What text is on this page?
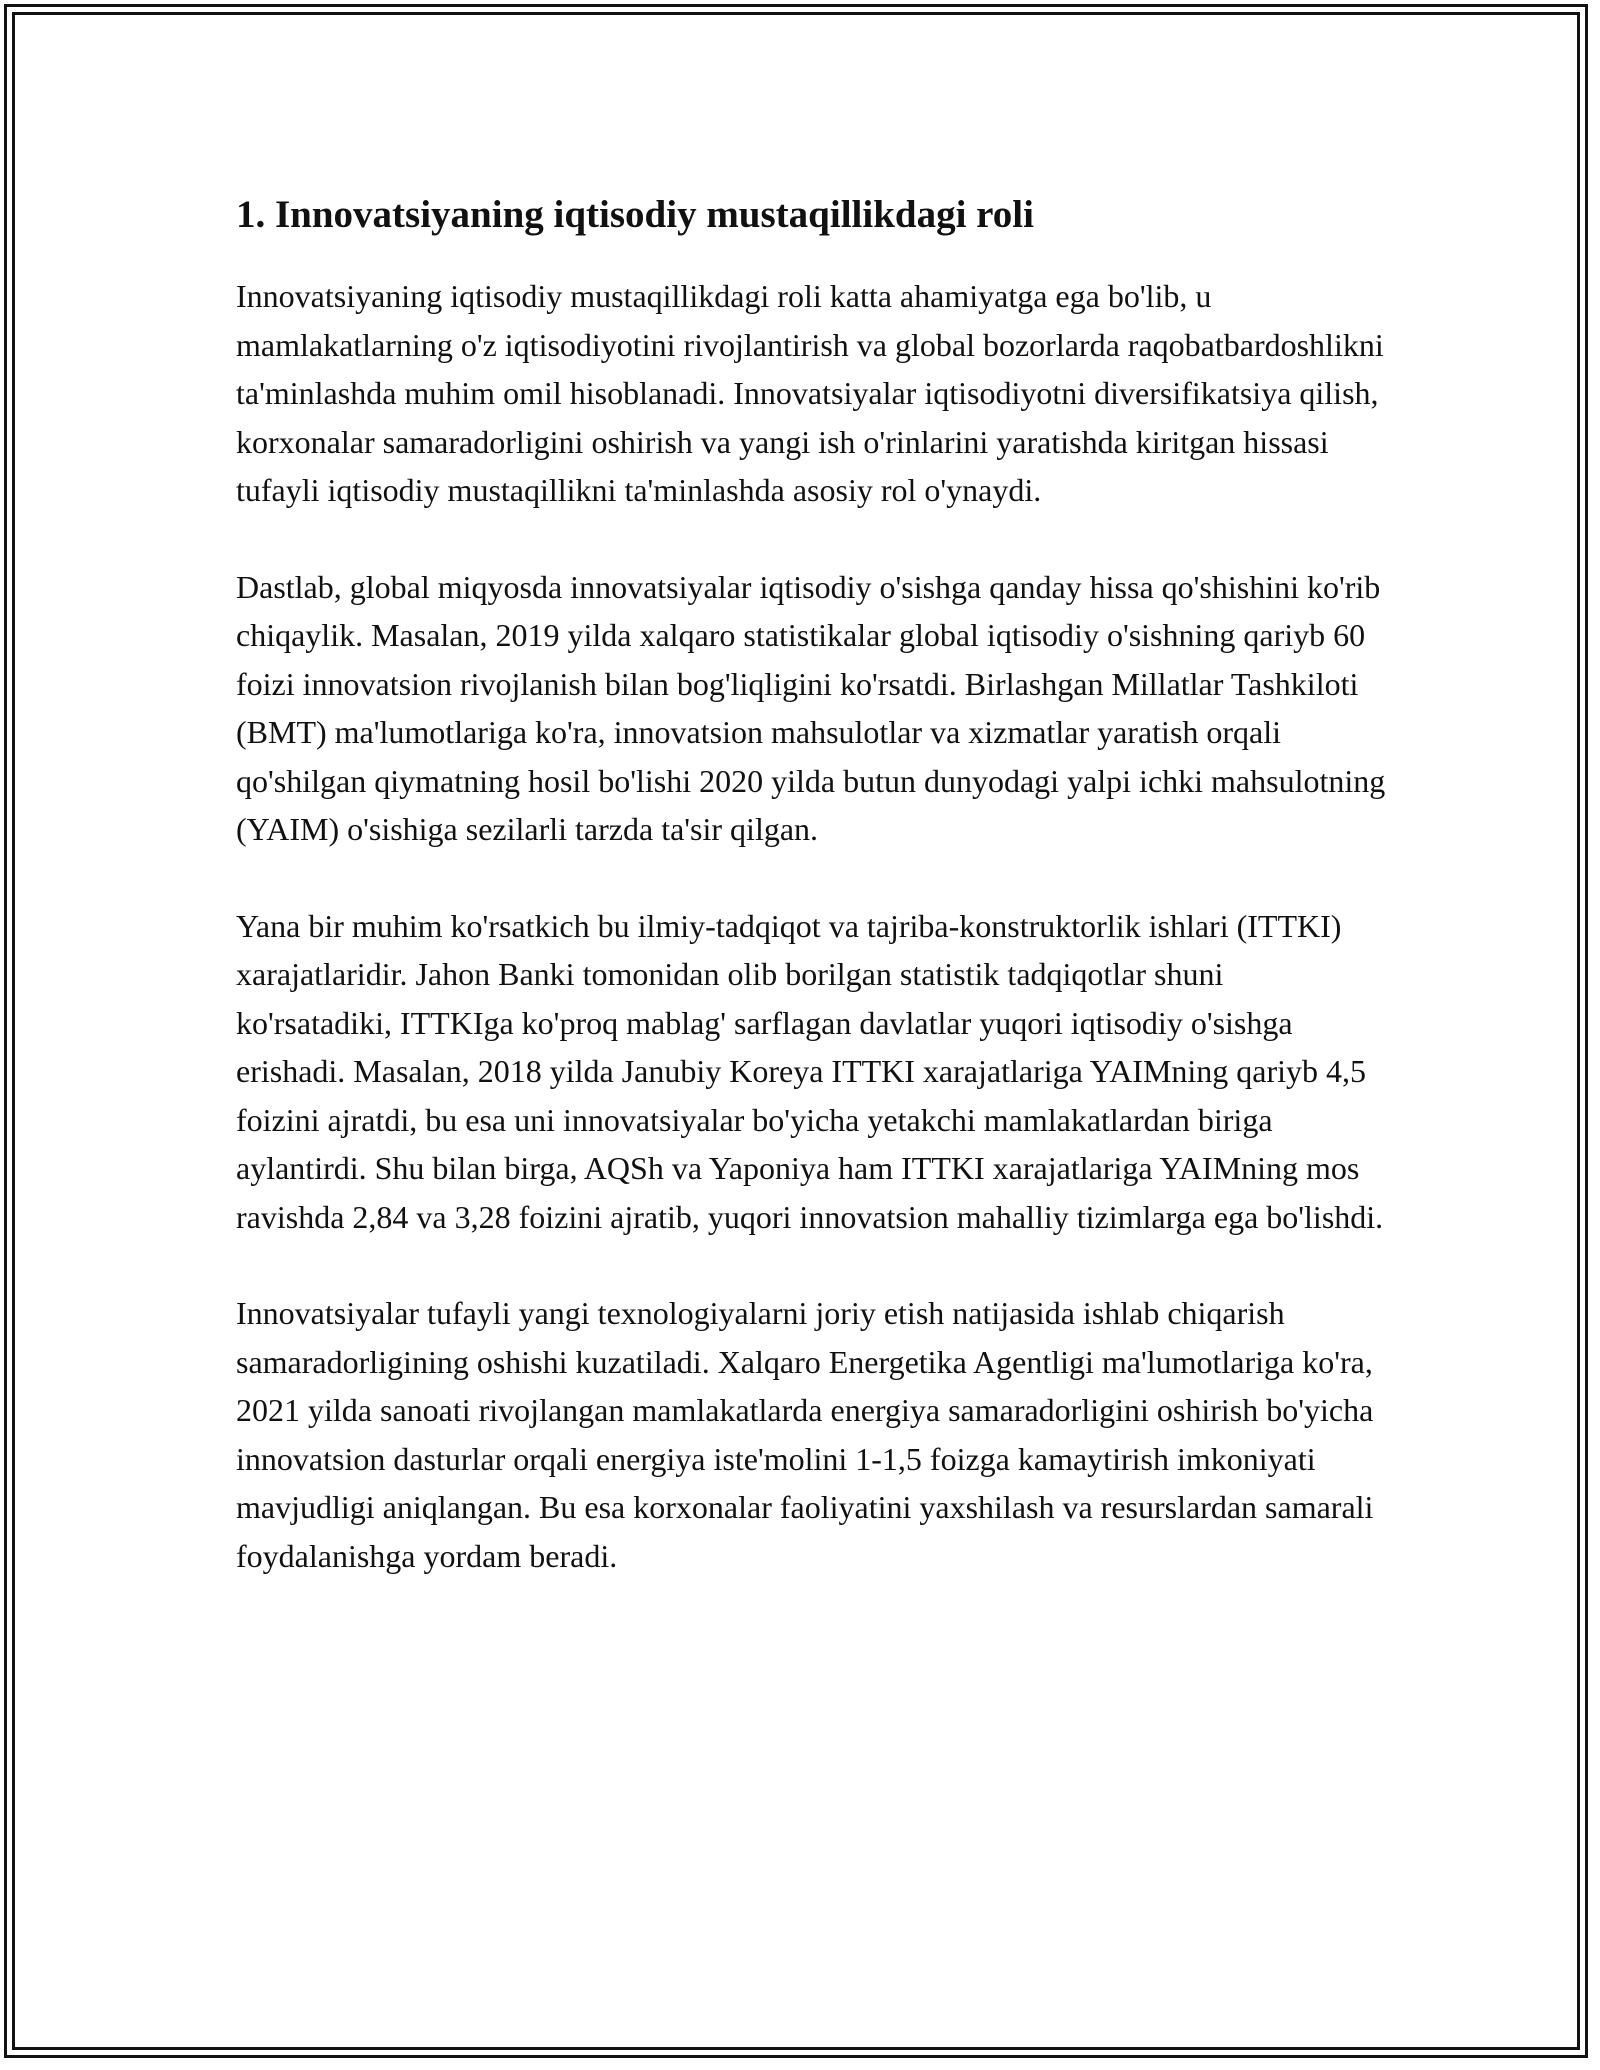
1. Innovatsiyaning iqtisodiy mustaqillikdagi roli

Innovatsiyaning iqtisodiy mustaqillikdagi roli katta ahamiyatga ega bo'lib, u mamlakatlarning o'z iqtisodiyotini rivojlantirish va global bozorlarda raqobatbardoshlikni ta'minlashda muhim omil hisoblanadi. Innovatsiyalar iqtisodiyotni diversifikatsiya qilish, korxonalar samaradorligini oshirish va yangi ish o'rinlarini yaratishda kiritgan hissasi tufayli iqtisodiy mustaqillikni ta'minlashda asosiy rol o'ynaydi.

Dastlab, global miqyosda innovatsiyalar iqtisodiy o'sishga qanday hissa qo'shishini ko'rib chiqaylik. Masalan, 2019 yilda xalqaro statistikalar global iqtisodiy o'sishning qariyb 60 foizi innovatsion rivojlanish bilan bog'liqligini ko'rsatdi. Birlashgan Millatlar Tashkiloti (BMT) ma'lumotlariga ko'ra, innovatsion mahsulotlar va xizmatlar yaratish orqali qo'shilgan qiymatning hosil bo'lishi 2020 yilda butun dunyodagi yalpi ichki mahsulotning (YAIM) o'sishiga sezilarli tarzda ta'sir qilgan.

Yana bir muhim ko'rsatkich bu ilmiy-tadqiqot va tajriba-konstruktorlik ishlari (ITTKI) xarajatlaridir. Jahon Banki tomonidan olib borilgan statistik tadqiqotlar shuni ko'rsatadiki, ITTKIga ko'proq mablag' sarflagan davlatlar yuqori iqtisodiy o'sishga erishadi. Masalan, 2018 yilda Janubiy Koreya ITTKI xarajatlariga YAIMning qariyb 4,5 foizini ajratdi, bu esa uni innovatsiyalar bo'yicha yetakchi mamlakatlardan biriga aylantirdi. Shu bilan birga, AQSh va Yaponiya ham ITTKI xarajatlariga YAIMning mos ravishda 2,84 va 3,28 foizini ajratib, yuqori innovatsion mahalliy tizimlarga ega bo'lishdi.

Innovatsiyalar tufayli yangi texnologiyalarni joriy etish natijasida ishlab chiqarish samaradorligining oshishi kuzatiladi. Xalqaro Energetika Agentligi ma'lumotlariga ko'ra, 2021 yilda sanoati rivojlangan mamlakatlarda energiya samaradorligini oshirish bo'yicha innovatsion dasturlar orqali energiya iste'molini 1-1,5 foizga kamaytirish imkoniyati mavjudligi aniqlangan. Bu esa korxonalar faoliyatini yaxshilash va resurslardan samarali foydalanishga yordam beradi.
